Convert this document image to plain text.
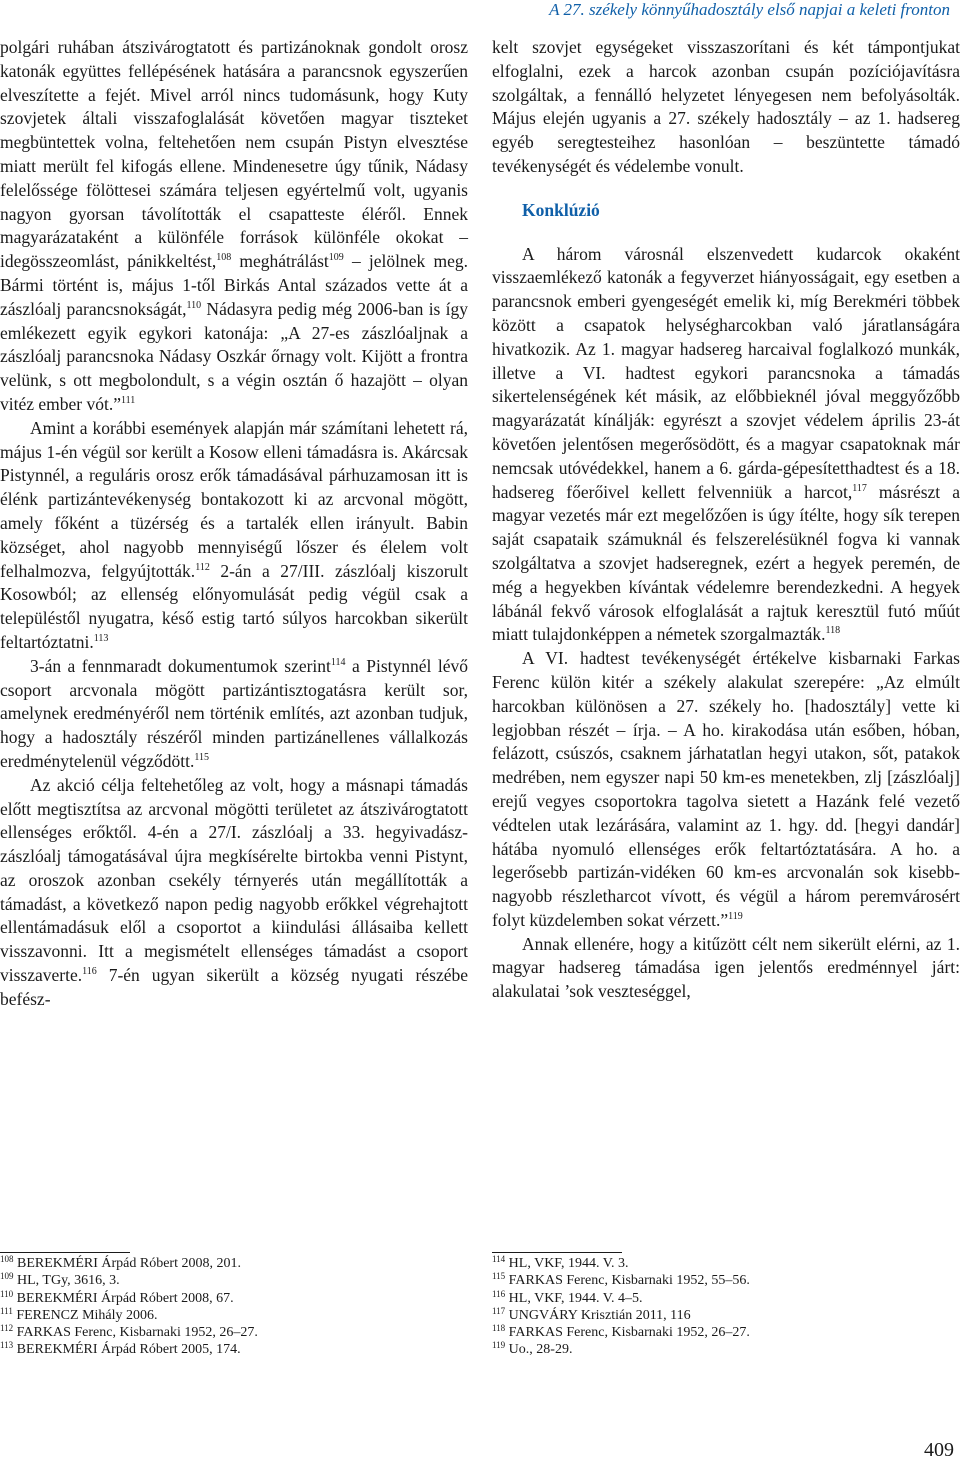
A 27. székely könnyűhadosztály első napjai a keleti fronton

polgári ruhában átszivárogtatott és partizánoknak gondolt orosz katonák együttes fellépésének hatására a parancsnok egyszerűen elveszítette a fejét. Mivel arról nincs tudomásunk, hogy Kuty szovjetek általi visszafoglalását követően magyar tiszteket megbüntettek volna, feltehetően nem csupán Pistyn elvesztése miatt merült fel kifogás ellene. Mindenesetre úgy tűnik, Nádasy felelőssége fölöttesei számára teljesen egyértelmű volt, ugyanis nagyon gyorsan távolították el csapatteste éléről. Ennek magyarázataként a különféle források különféle okokat – idegösszeomlást, pánikkeltést,$^{108}$ meghátrálást$^{109}$ – jelölnek meg. Bármi történt is, május 1-től Birkás Antal százados vette át a zászlóalj parancsnokságát,$^{110}$ Nádasyra pedig még 2006-ban is így emlékezett egyik egykori katonája: „A 27-es zászlóaljnak a zászlóalj parancsnoka Nádasy Oszkár őrnagy volt. Kijött a frontra velünk, s ott megbolondult, s a végin osztán ő hazajött – olyan vitéz ember vót.”$^{111}$

Amint a korábbi események alapján már számítani lehetett rá, május 1-én végül sor került a Kosow elleni támadásra is. Akárcsak Pistynnél, a reguláris orosz erők támadásával párhuzamosan itt is élénk partizántevékenység bontakozott ki az arcvonal mögött, amely főként a tüzérség és a tartalék ellen irányult. Babin községet, ahol nagyobb mennyiségű lőszer és élelem volt felhalmozva, felgyújtották.$^{112}$ 2-án a 27/III. zászlóalj kiszorult Kosowból; az ellenség előnyomulását pedig végül csak a településtől nyugatra, késő estig tartó súlyos harcokban sikerült feltartóztatni.$^{113}$

3-án a fennmaradt dokumentumok szerint$^{114}$ a Pistynnél lévő csoport arcvonala mögött partizántisztogatásra került sor, amelynek eredményéről nem történik említés, azt azonban tudjuk, hogy a hadosztály részéről minden partizánellenes vállalkozás eredménytelenül végződött.$^{115}$

Az akció célja feltehetőleg az volt, hogy a másnapi támadás előtt megtisztítsa az arcvonal mögötti területet az átszivárogtatott ellenséges erőktől. 4-én a 27/I. zászlóalj a 33. hegyivadász-zászlóalj támogatásával újra megkísérelte birtokba venni Pistynt, az oroszok azonban csekély térnyerés után megállították a támadást, a következő napon pedig nagyobb erőkkel végrehajtott ellentámadásuk elől a csoportot a kiindulási állásaiba kellett visszavonni. Itt a megismételt ellenséges támadást a csoport visszaverte.$^{116}$ 7-én ugyan sikerült a község nyugati részébe befész-

kelt szovjet egységeket visszaszorítani és két támpontjukat elfoglalni, ezek a harcok azonban csupán pozíciójavításra szolgáltak, a fennálló helyzetet lényegesen nem befolyásolták. Május elején ugyanis a 27. székely hadosztály – az 1. hadsereg egyéb seregtesteihez hasonlóan – beszüntette támadó tevékenységét és védelembe vonult.

Konklúzió

A három városnál elszenvedett kudarcok okaként visszaemlékező katonák a fegyverzet hiányosságait, egy esetben a parancsnok emberi gyengeségét emelik ki, míg Berekméri többek között a csapatok helységharcokban való járatlanságára hivatkozik. Az 1. magyar hadsereg harcaival foglalkozó munkák, illetve a VI. hadtest egykori parancsnoka a támadás sikertelenségének két másik, az előbbieknél jóval meggyőzőbb magyarázatát kínálják: egyrészt a szovjet védelem április 23-át követően jelentősen megerősödött, és a magyar csapatoknak már nemcsak utóvédekkel, hanem a 6. gárda-gépesítetthadtest és a 18. hadsereg főerőivel kellett felvenniük a harcot,$^{117}$ másrészt a magyar vezetés már ezt megelőzően is úgy ítélte, hogy sík terepen saját csapataik számuknál és felszerelésüknél fogva ki vannak szolgáltatva a szovjet hadseregnek, ezért a hegyek peremén, de még a hegyekben kívántak védelemre berendezkedni. A hegyek lábánál fekvő városok elfoglalását a rajtuk keresztül futó műút miatt tulajdonképpen a németek szorgalmazták.$^{118}$

A VI. hadtest tevékenységét értékelve kisbarnaki Farkas Ferenc külön kitér a székely alakulat szerepére: „Az elmúlt harcokban különösen a 27. székely ho. [hadosztály] vette ki legjobban részét – írja. – A ho. kirakodása után esőben, hóban, felázott, csúszós, csaknem járhatatlan hegyi utakon, sőt, patakok medrében, nem egyszer napi 50 km-es menetekben, zlj [zászlóalj] erejű vegyes csoportokra tagolva sietett a Hazánk felé vezető védtelen utak lezárására, valamint az 1. hgy. dd. [hegyi dandár] hátába nyomuló ellenséges erők feltartóztatására. A ho. a legerősebb partizán-vidéken 60 km-es arcvonalán sok kisebb-nagyobb részletharcot vívott, és végül a három peremvárosért folyt küzdelemben sokat vérzett.”$^{119}$

Annak ellenére, hogy a kitűzött célt nem sikerült elérni, az 1. magyar hadsereg támadása igen jelentős eredménnyel járt: alakulatai ’sok veszteséggel,

$^{108}$ BEREKMÉRI Árpád Róbert 2008, 201.

$^{109}$ HL, TGy, 3616, 3.

$^{110}$ BEREKMÉRI Árpád Róbert 2008, 67.

$^{111}$ FERENCZ Mihály 2006.

$^{112}$ FARKAS Ferenc, Kisbarnaki 1952, 26–27.

$^{113}$ BEREKMÉRI Árpád Róbert 2005, 174.

$^{114}$ HL, VKF, 1944. V. 3.

$^{115}$ FARKAS Ferenc, Kisbarnaki 1952, 55–56.

$^{116}$ HL, VKF, 1944. V. 4–5.

$^{117}$ UNGVÁRY Krisztián 2011, 116

$^{118}$ FARKAS Ferenc, Kisbarnaki 1952, 26–27.

$^{119}$ Uo., 28-29.

409
